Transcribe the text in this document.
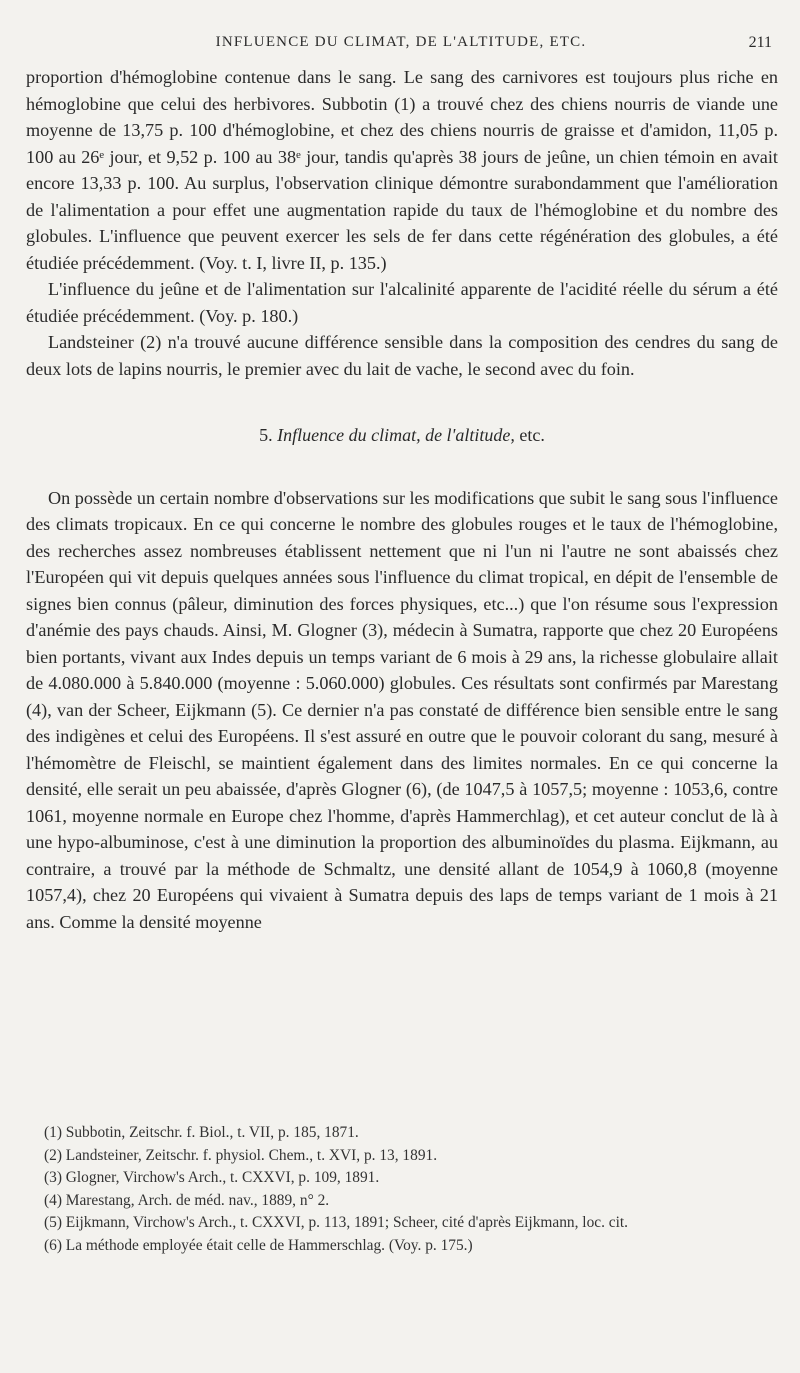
INFLUENCE DU CLIMAT, DE L'ALTITUDE, ETC.	211

proportion d'hémoglobine contenue dans le sang. Le sang des carnivores est toujours plus riche en hémoglobine que celui des herbivores. Subbotin (1) a trouvé chez des chiens nourris de viande une moyenne de 13,75 p. 100 d'hémoglobine, et chez des chiens nourris de graisse et d'amidon, 11,05 p. 100 au 26ᵉ jour, et 9,52 p. 100 au 38ᵉ jour, tandis qu'après 38 jours de jeûne, un chien témoin en avait encore 13,33 p. 100. Au surplus, l'observation clinique démontre surabondamment que l'amélioration de l'alimentation a pour effet une augmentation rapide du taux de l'hémoglobine et du nombre des globules. L'influence que peuvent exercer les sels de fer dans cette régénération des globules, a été étudiée précédemment. (Voy. t. I, livre II, p. 135.)

L'influence du jeûne et de l'alimentation sur l'alcalinité apparente de l'acidité réelle du sérum a été étudiée précédemment. (Voy. p. 180.)

Landsteiner (2) n'a trouvé aucune différence sensible dans la composition des cendres du sang de deux lots de lapins nourris, le premier avec du lait de vache, le second avec du foin.

5. Influence du climat, de l'altitude, etc.

On possède un certain nombre d'observations sur les modifications que subit le sang sous l'influence des climats tropicaux. En ce qui concerne le nombre des globules rouges et le taux de l'hémoglobine, des recherches assez nombreuses établissent nettement que ni l'un ni l'autre ne sont abaissés chez l'Européen qui vit depuis quelques années sous l'influence du climat tropical, en dépit de l'ensemble de signes bien connus (pâleur, diminution des forces physiques, etc...) que l'on résume sous l'expression d'anémie des pays chauds. Ainsi, M. Glogner (3), médecin à Sumatra, rapporte que chez 20 Européens bien portants, vivant aux Indes depuis un temps variant de 6 mois à 29 ans, la richesse globulaire allait de 4.080.000 à 5.840.000 (moyenne : 5.060.000) globules. Ces résultats sont confirmés par Marestang (4), van der Scheer, Eijkmann (5). Ce dernier n'a pas constaté de différence bien sensible entre le sang des indigènes et celui des Européens. Il s'est assuré en outre que le pouvoir colorant du sang, mesuré à l'hémomètre de Fleischl, se maintient également dans des limites normales. En ce qui concerne la densité, elle serait un peu abaissée, d'après Glogner (6), (de 1047,5 à 1057,5; moyenne : 1053,6, contre 1061, moyenne normale en Europe chez l'homme, d'après Hammerchlag), et cet auteur conclut de là à une hypo-albuminose, c'est à une diminution la proportion des albuminoïdes du plasma. Eijkmann, au contraire, a trouvé par la méthode de Schmaltz, une densité allant de 1054,9 à 1060,8 (moyenne 1057,4), chez 20 Européens qui vivaient à Sumatra depuis des laps de temps variant de 1 mois à 21 ans. Comme la densité moyenne

(1) Subbotin, Zeitschr. f. Biol., t. VII, p. 185, 1871.

(2) Landsteiner, Zeitschr. f. physiol. Chem., t. XVI, p. 13, 1891.

(3) Glogner, Virchow's Arch., t. CXXVI, p. 109, 1891.

(4) Marestang, Arch. de méd. nav., 1889, n° 2.

(5) Eijkmann, Virchow's Arch., t. CXXVI, p. 113, 1891; Scheer, cité d'après Eijkmann, loc. cit.

(6) La méthode employée était celle de Hammerschlag. (Voy. p. 175.)
